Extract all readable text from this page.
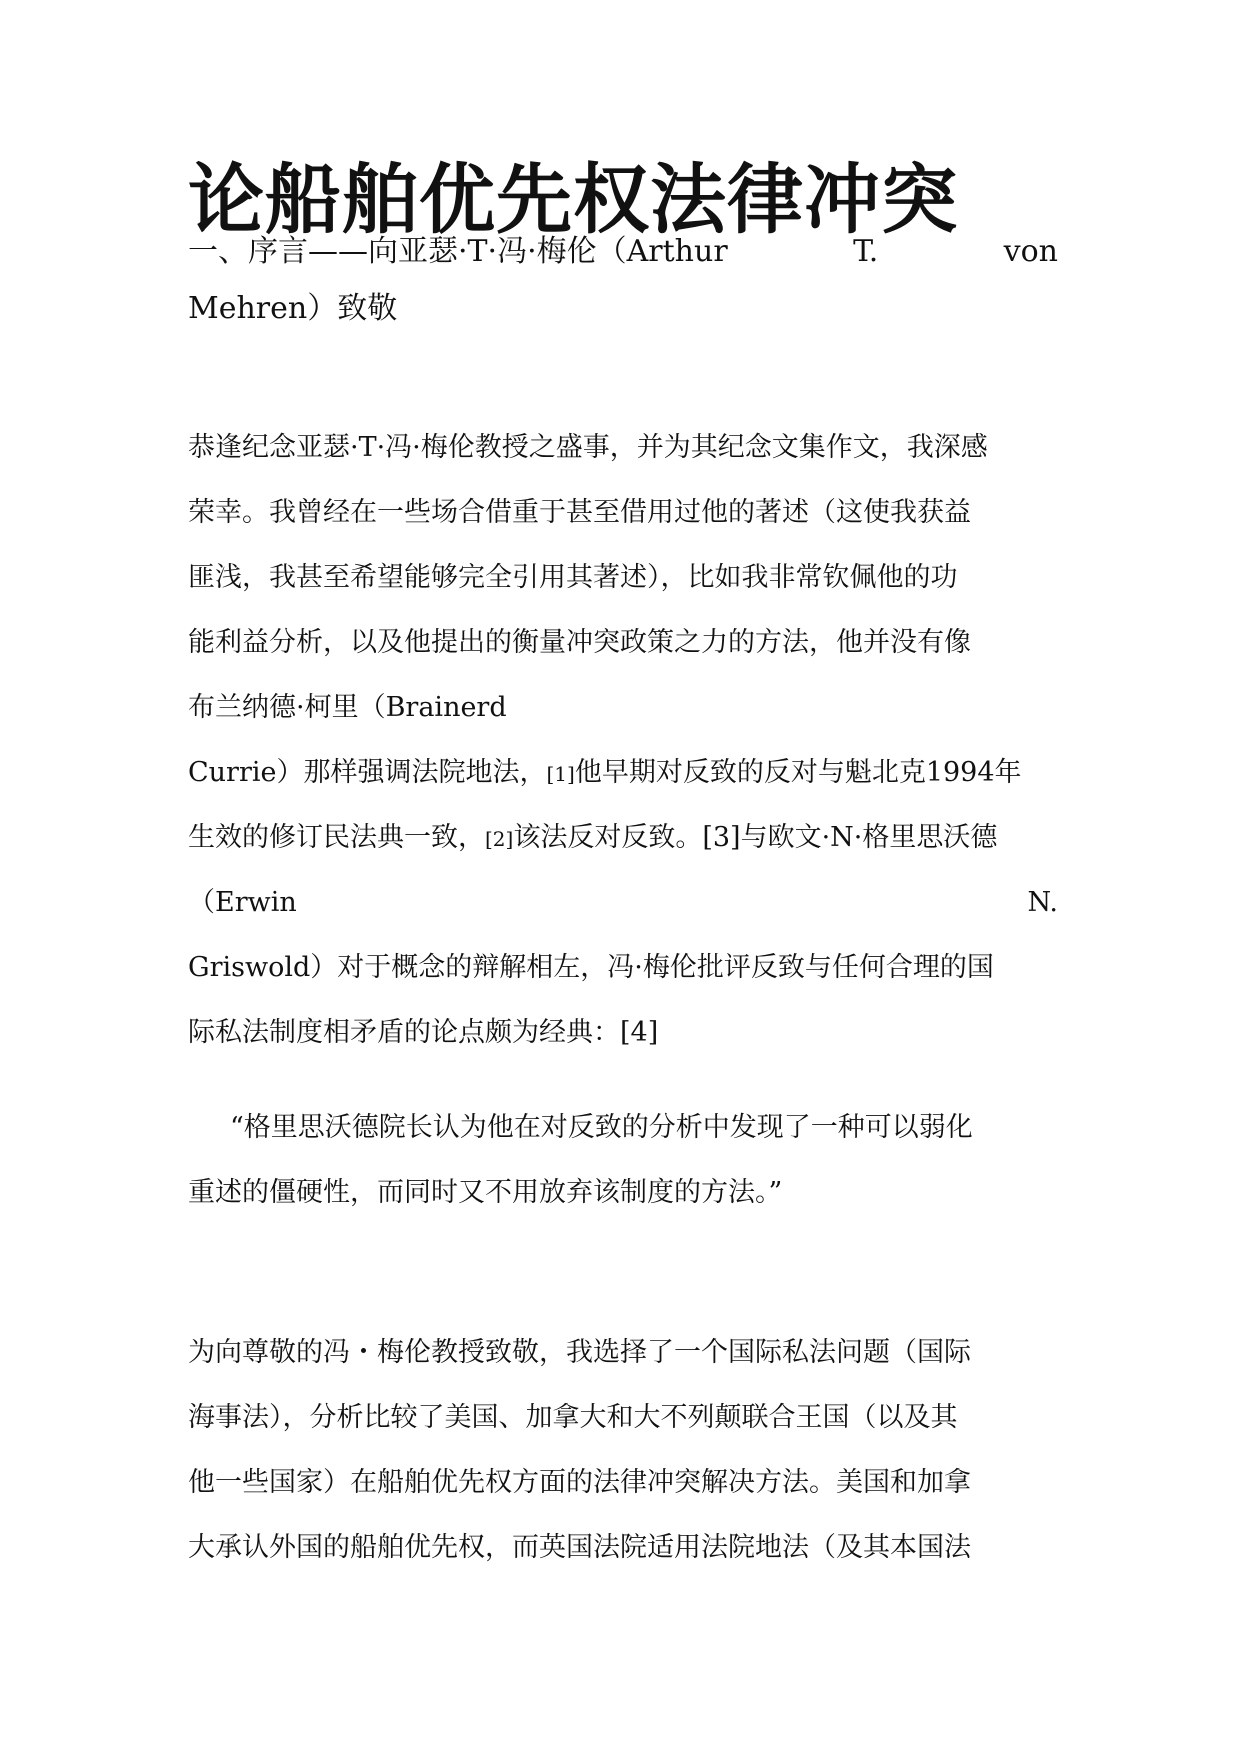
论船舶优先权法律冲突
一、序言——向亚瑟·T·冯·梅伦（Arthur	T.	von
Mehren）致敬
恭逢纪念亚瑟·T·冯·梅伦教授之盛事，并为其纪念文集作文，我深感
荣幸。我曾经在一些场合借重于甚至借用过他的著述（这使我获益
匪浅，我甚至希望能够完全引用其著述），比如我非常钦佩他的功
能利益分析，以及他提出的衡量冲突政策之力的方法，他并没有像
布兰纳德·柯里（Brainerd
Currie）那样强调法院地法，[1]他早期对反致的反对与魁北克1994年
生效的修订民法典一致，[2]该法反对反致。[3]与欧文·N·格里思沃德
（Erwin	N.
Griswold）对于概念的辩解相左，冯·梅伦批评反致与任何合理的国
际私法制度相矛盾的论点颇为经典：[4]
“格里思沃德院长认为他在对反致的分析中发现了一种可以弱化
重述的僵硬性，而同时又不用放弃该制度的方法。”
为向尊敬的冯・梅伦教授致敬，我选择了一个国际私法问题（国际
海事法），分析比较了美国、加拿大和大不列颠联合王国（以及其
他一些国家）在船舶优先权方面的法律冲突解决方法。美国和加拿
大承认外国的船舶优先权，而英国法院适用法院地法（及其本国法
